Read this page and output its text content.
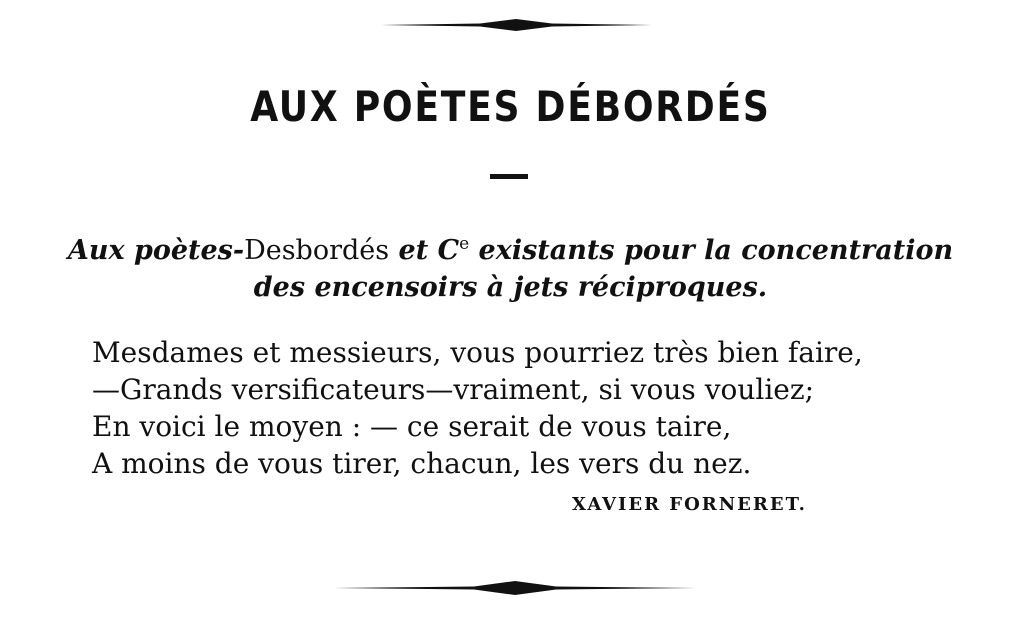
AUX POÈTES DÉBORDÉS
Aux poètes-Desbordés et Ce existants pour la concentration
des encensoirs à jets réciproques.
Mesdames et messieurs, vous pourriez très bien faire,
—Grands versificateurs—vraiment, si vous vouliez;
En voici le moyen : — ce serait de vous taire,
A moins de vous tirer, chacun, les vers du nez.
XAVIER FORNERET.
